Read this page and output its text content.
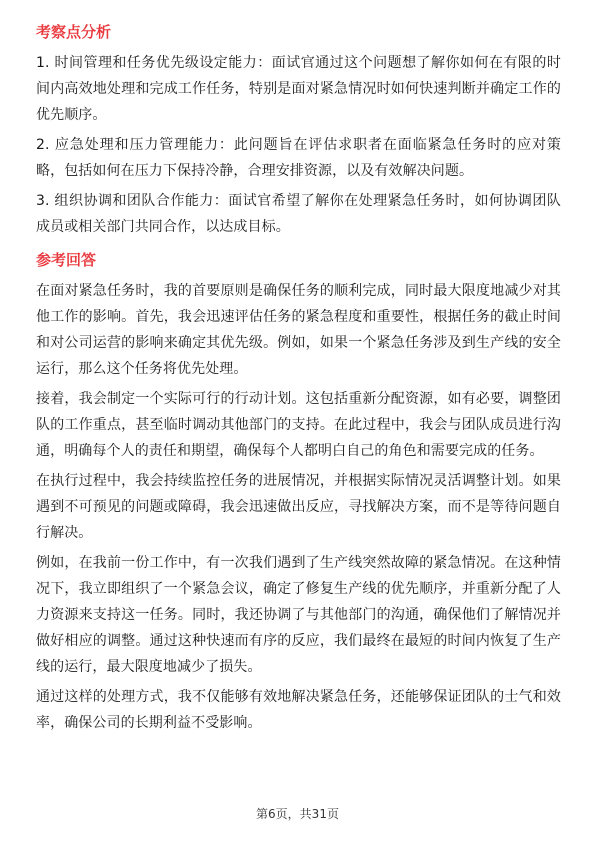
考察点分析

1. 时间管理和任务优先级设定能力：面试官通过这个问题想了解你如何在有限的时间内高效地处理和完成工作任务，特别是面对紧急情况时如何快速判断并确定工作的优先顺序。

2. 应急处理和压力管理能力：此问题旨在评估求职者在面临紧急任务时的应对策略，包括如何在压力下保持冷静，合理安排资源，以及有效解决问题。

3. 组织协调和团队合作能力：面试官希望了解你在处理紧急任务时，如何协调团队成员或相关部门共同合作，以达成目标。

参考回答

在面对紧急任务时，我的首要原则是确保任务的顺利完成，同时最大限度地减少对其他工作的影响。首先，我会迅速评估任务的紧急程度和重要性，根据任务的截止时间和对公司运营的影响来确定其优先级。例如，如果一个紧急任务涉及到生产线的安全运行，那么这个任务将优先处理。

接着，我会制定一个实际可行的行动计划。这包括重新分配资源，如有必要，调整团队的工作重点，甚至临时调动其他部门的支持。在此过程中，我会与团队成员进行沟通，明确每个人的责任和期望，确保每个人都明白自己的角色和需要完成的任务。

在执行过程中，我会持续监控任务的进展情况，并根据实际情况灵活调整计划。如果遇到不可预见的问题或障碍，我会迅速做出反应，寻找解决方案，而不是等待问题自行解决。

例如，在我前一份工作中，有一次我们遇到了生产线突然故障的紧急情况。在这种情况下，我立即组织了一个紧急会议，确定了修复生产线的优先顺序，并重新分配了人力资源来支持这一任务。同时，我还协调了与其他部门的沟通，确保他们了解情况并做好相应的调整。通过这种快速而有序的反应，我们最终在最短的时间内恢复了生产线的运行，最大限度地减少了损失。

通过这样的处理方式，我不仅能够有效地解决紧急任务，还能够保证团队的士气和效率，确保公司的长期利益不受影响。

第6页，共31页
